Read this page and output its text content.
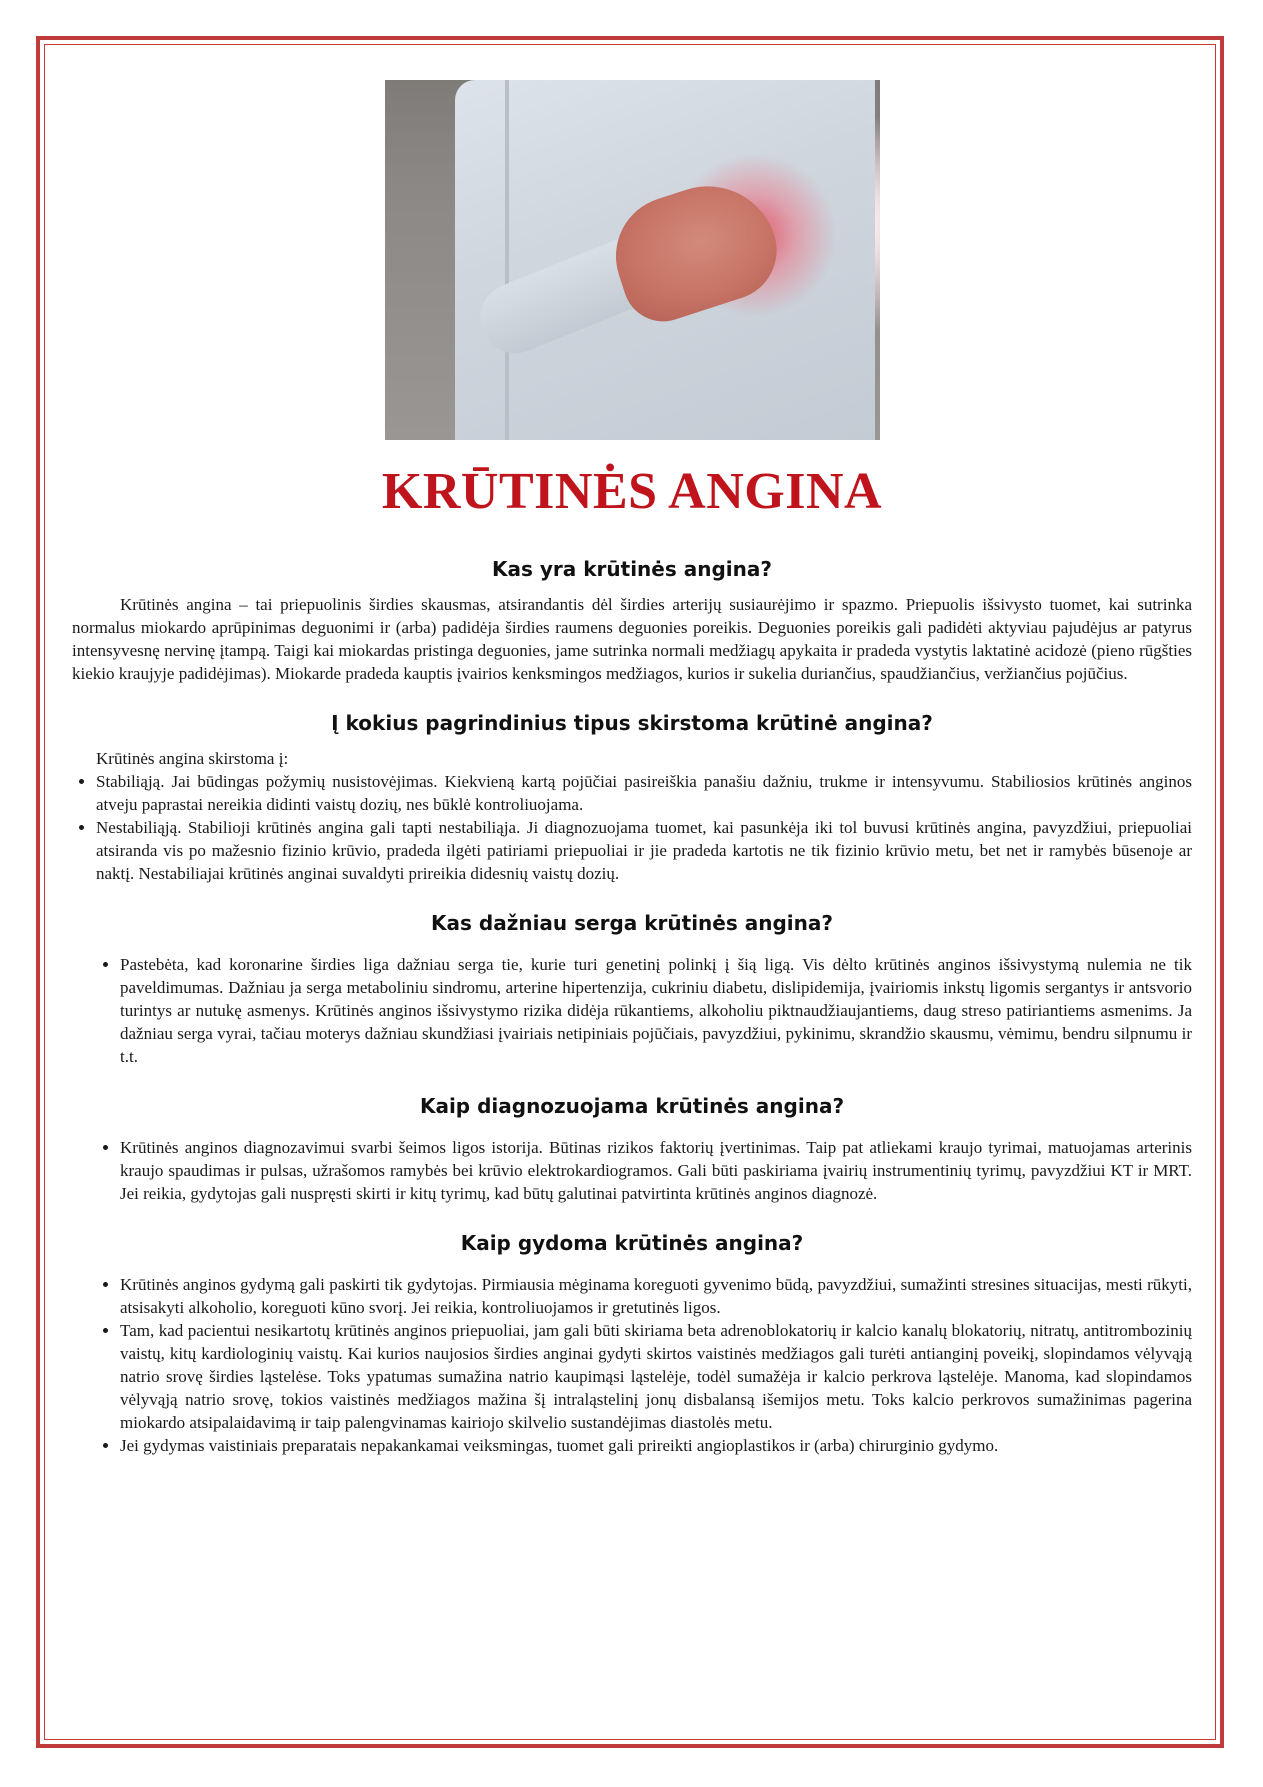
KRŪTINĖS ANGINA
Kas yra krūtinės angina?

Krūtinės angina – tai priepuolinis širdies skausmas, atsirandantis dėl širdies arterijų susiaurėjimo ir spazmo. Priepuolis išsivysto tuomet, kai sutrinka normalus miokardo aprūpinimas deguonimi ir (arba) padidėja širdies raumens deguonies poreikis. Deguonies poreikis gali padidėti aktyviau pajudėjus ar patyrus intensyvesnę nervinę įtampą. Taigi kai miokardas pristinga deguonies, jame sutrinka normali medžiagų apykaita ir pradeda vystytis laktatinė acidozė (pieno rūgšties kiekio kraujyje padidėjimas). Miokarde pradeda kauptis įvairios kenksmingos medžiagos, kurios ir sukelia duriančius, spaudžiančius, veržiančius pojūčius.

Į kokius pagrindinius tipus skirstoma krūtinė angina?

Krūtinės angina skirstoma į:

• Stabiliąją. Jai būdingas požymių nusistovėjimas. Kiekvieną kartą pojūčiai pasireiškia panašiu dažniu, trukme ir intensyvumu. Stabiliosios krūtinės anginos atveju paprastai nereikia didinti vaistų dozių, nes būklė kontroliuojama.
• Nestabiliąją. Stabilioji krūtinės angina gali tapti nestabiliąja. Ji diagnozuojama tuomet, kai pasunkėja iki tol buvusi krūtinės angina, pavyzdžiui, priepuoliai atsiranda vis po mažesnio fizinio krūvio, pradeda ilgėti patiriami priepuoliai ir jie pradeda kartotis ne tik fizinio krūvio metu, bet net ir ramybės būsenoje ar naktį. Nestabiliajai krūtinės anginai suvaldyti prireikia didesnių vaistų dozių.
Kas dažniau serga krūtinės angina?
• Pastebėta, kad koronarine širdies liga dažniau serga tie, kurie turi genetinį polinkį į šią ligą. Vis dėlto krūtinės anginos išsivystymą nulemia ne tik paveldimumas. Dažniau ja serga metaboliniu sindromu, arterine hipertenzija, cukriniu diabetu, dislipidemija, įvairiomis inkstų ligomis sergantys ir antsvorio turintys ar nutukę asmenys. Krūtinės anginos išsivystymo rizika didėja rūkantiems, alkoholiu piktnaudžiaujantiems, daug streso patiriantiems asmenims. Ja dažniau serga vyrai, tačiau moterys dažniau skundžiasi įvairiais netipiniais pojūčiais, pavyzdžiui, pykinimu, skrandžio skausmu, vėmimu, bendru silpnumu ir t.t.
Kaip diagnozuojama krūtinės angina?
• Krūtinės anginos diagnozavimui svarbi šeimos ligos istorija. Būtinas rizikos faktorių įvertinimas. Taip pat atliekami kraujo tyrimai, matuojamas arterinis kraujo spaudimas ir pulsas, užrašomos ramybės bei krūvio elektrokardiogramos. Gali būti paskiriama įvairių instrumentinių tyrimų, pavyzdžiui KT ir MRT. Jei reikia, gydytojas gali nuspręsti skirti ir kitų tyrimų, kad būtų galutinai patvirtinta krūtinės anginos diagnozė.
Kaip gydoma krūtinės angina?
• Krūtinės anginos gydymą gali paskirti tik gydytojas. Pirmiausia mėginama koreguoti gyvenimo būdą, pavyzdžiui, sumažinti stresines situacijas, mesti rūkyti, atsisakyti alkoholio, koreguoti kūno svorį. Jei reikia, kontroliuojamos ir gretutinės ligos.
• Tam, kad pacientui nesikartotų krūtinės anginos priepuoliai, jam gali būti skiriama beta adrenoblokatorių ir kalcio kanalų blokatorių, nitratų, antitrombozinių vaistų, kitų kardiologinių vaistų. Kai kurios naujosios širdies anginai gydyti skirtos vaistinės medžiagos gali turėti antianginį poveikį, slopindamos vėlyvąją natrio srovę širdies ląstelėse. Toks ypatumas sumažina natrio kaupimąsi ląstelėje, todėl sumažėja ir kalcio perkrova ląstelėje. Manoma, kad slopindamos vėlyvąją natrio srovę, tokios vaistinės medžiagos mažina šį intraląstelinį jonų disbalansą išemijos metu. Toks kalcio perkrovos sumažinimas pagerina miokardo atsipalaidavimą ir taip palengvinamas kairiojo skilvelio sustandėjimas diastolės metu.
• Jei gydymas vaistiniais preparatais nepakankamai veiksmingas, tuomet gali prireikti angioplastikos ir (arba) chirurginio gydymo.
